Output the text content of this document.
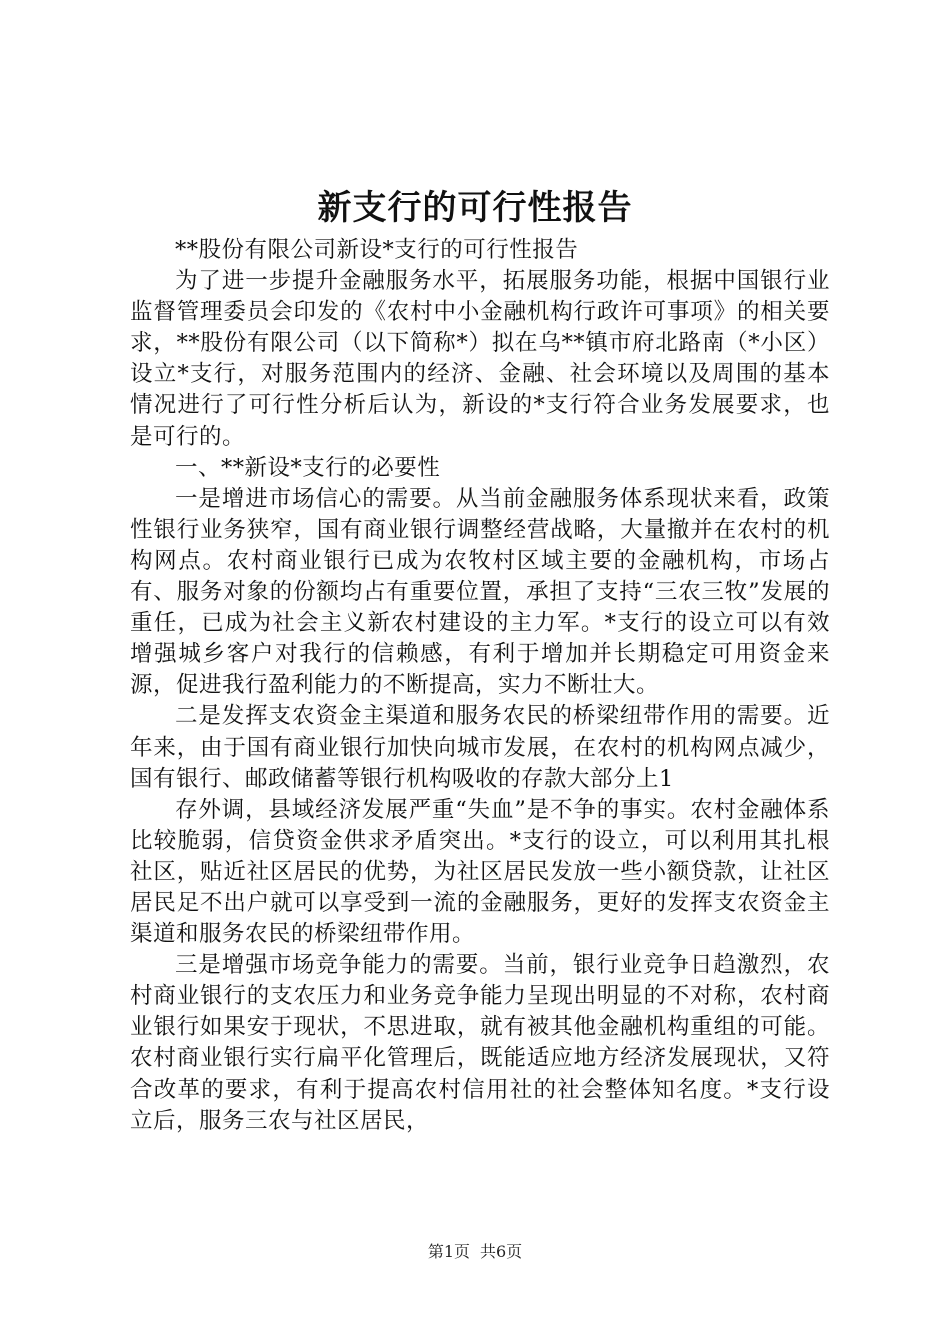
新支行的可行性报告

**股份有限公司新设*支行的可行性报告

为了进一步提升金融服务水平，拓展服务功能，根据中国银行业监督管理委员会印发的《农村中小金融机构行政许可事项》的相关要求，**股份有限公司（以下简称*）拟在乌**镇市府北路南（*小区）设立*支行，对服务范围内的经济、金融、社会环境以及周围的基本情况进行了可行性分析后认为，新设的*支行符合业务发展要求，也是可行的。

一、**新设*支行的必要性

一是增进市场信心的需要。从当前金融服务体系现状来看，政策性银行业务狭窄，国有商业银行调整经营战略，大量撤并在农村的机构网点。农村商业银行已成为农牧村区域主要的金融机构，市场占有、服务对象的份额均占有重要位置，承担了支持“三农三牧”发展的重任，已成为社会主义新农村建设的主力军。*支行的设立可以有效增强城乡客户对我行的信赖感，有利于增加并长期稳定可用资金来源，促进我行盈利能力的不断提高，实力不断壮大。

二是发挥支农资金主渠道和服务农民的桥梁纽带作用的需要。近年来，由于国有商业银行加快向城市发展，在农村的机构网点减少，国有银行、邮政储蓄等银行机构吸收的存款大部分上1

存外调，县域经济发展严重“失血”是不争的事实。农村金融体系比较脆弱，信贷资金供求矛盾突出。*支行的设立，可以利用其扎根社区，贴近社区居民的优势，为社区居民发放一些小额贷款，让社区居民足不出户就可以享受到一流的金融服务，更好的发挥支农资金主渠道和服务农民的桥梁纽带作用。

三是增强市场竞争能力的需要。当前，银行业竞争日趋激烈，农村商业银行的支农压力和业务竞争能力呈现出明显的不对称，农村商业银行如果安于现状，不思进取，就有被其他金融机构重组的可能。农村商业银行实行扁平化管理后，既能适应地方经济发展现状，又符合改革的要求，有利于提高农村信用社的社会整体知名度。*支行设立后，服务三农与社区居民，

第1页 共6页
